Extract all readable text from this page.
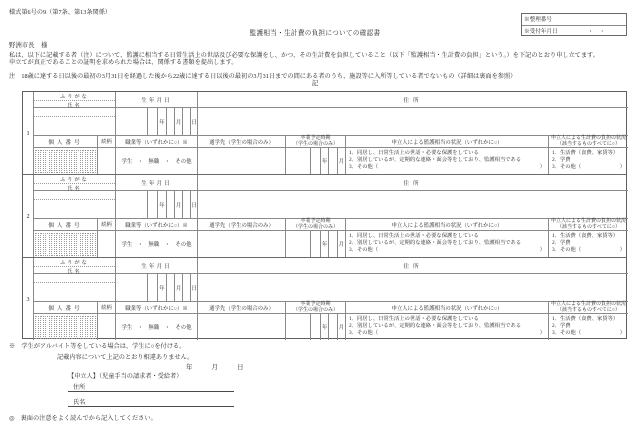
様式第6号の9（第7条、第13条関係）
※整理番号
※受付年月日	・・
監護相当・生計費の負担についての確認書
野洲市長　様
私は、以下に記載する者（注）について、監護に相当する日常生活上の世話及び必要な保護をし、かつ、その生計費を負担していること（以下「監護相当・生計費の負担」という。）を下記のとおり申し立てます。
申立てが真正であることの証明を求められた場合は、関係する書類を提出します。
注　18歳に達する日以後の最初の3月31日を経過した後から22歳に達する日以後の最初の3月31日までの間にある者のうち、施設等に入所等している者でないもの（詳細は裏面を参照）
記
1
ふりがな
氏名
生年月日	住所
年	月 日
個人番号	続柄	職業等（いずれかに○）※	通学先（学生の場合のみ）
卒業予定時期
（学生の場合のみ）	申立人による監護相当の状況（いずれかに○）
申立人による生計費の負担の状況
（該当するものすべてに○）
学生　・　無職　・　その他	年	月
1．同居し、日常生活上の世話・必要な保護をしている
2．別居しているが、定期的な連絡・面会等をしており、監護相当である
3．その他（	）
1．生活費（食費、家賃等）
2．学費
3．その他（	）
2
ふりがな
氏名
生年月日	住所
年	月 日
個人番号	続柄	職業等（いずれかに○）※	通学先（学生の場合のみ）
卒業予定時期
（学生の場合のみ）	申立人による監護相当の状況（いずれかに○）
申立人による生計費の負担の状況
（該当するものすべてに○）
学生　・　無職　・　その他	年	月
1．同居し、日常生活上の世話・必要な保護をしている
2．別居しているが、定期的な連絡・面会等をしており、監護相当である
3．その他（	）
1．生活費（食費、家賃等）
2．学費
3．その他（	）
3
ふりがな
氏名
生年月日	住所
年	月 日
個人番号	続柄	職業等（いずれかに○）※	通学先（学生の場合のみ）
卒業予定時期
（学生の場合のみ）	申立人による監護相当の状況（いずれかに○）
申立人による生計費の負担の状況
（該当するものすべてに○）
学生　・　無職　・　その他	年	月
1．同居し、日常生活上の世話・必要な保護をしている
2．別居しているが、定期的な連絡・面会等をしており、監護相当である
3．その他（	）
1．生活費（食費、家賃等）
2．学費
3．その他（	）
※　学生がアルバイト等をしている場合は、学生に○を付ける。
記載内容について上記のとおり相違ありません。
年　　　月　　　日
【申立人】（児童手当の請求者・受給者）
住所
氏名
◎　裏面の注意をよく読んでから記入してください。
